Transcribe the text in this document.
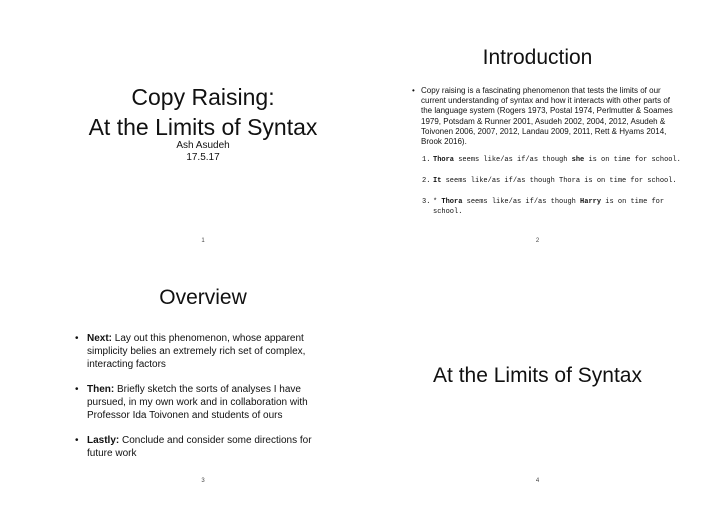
Copy Raising:
At the Limits of Syntax
Ash Asudeh
17.5.17
1
Introduction
• Copy raising is a fascinating phenomenon that tests the limits of our current understanding of syntax and how it interacts with other parts of the language system (Rogers 1973, Postal 1974, Perlmutter & Soames 1979, Potsdam & Runner 2001, Asudeh 2002, 2004, 2012, Asudeh & Toivonen 2006, 2007, 2012, Landau 2009, 2011, Rett & Hyams 2014, Brook 2016).
1. Thora seems like/as if/as though she is on time for school.
2. It seems like/as if/as though Thora is on time for school.
3. * Thora seems like/as if/as though Harry is on time for school.
2
Overview
• Next: Lay out this phenomenon, whose apparent simplicity belies an extremely rich set of complex, interacting factors
• Then: Briefly sketch the sorts of analyses I have pursued, in my own work and in collaboration with Professor Ida Toivonen and students of ours
• Lastly: Conclude and consider some directions for future work
3
At the Limits of Syntax
4
